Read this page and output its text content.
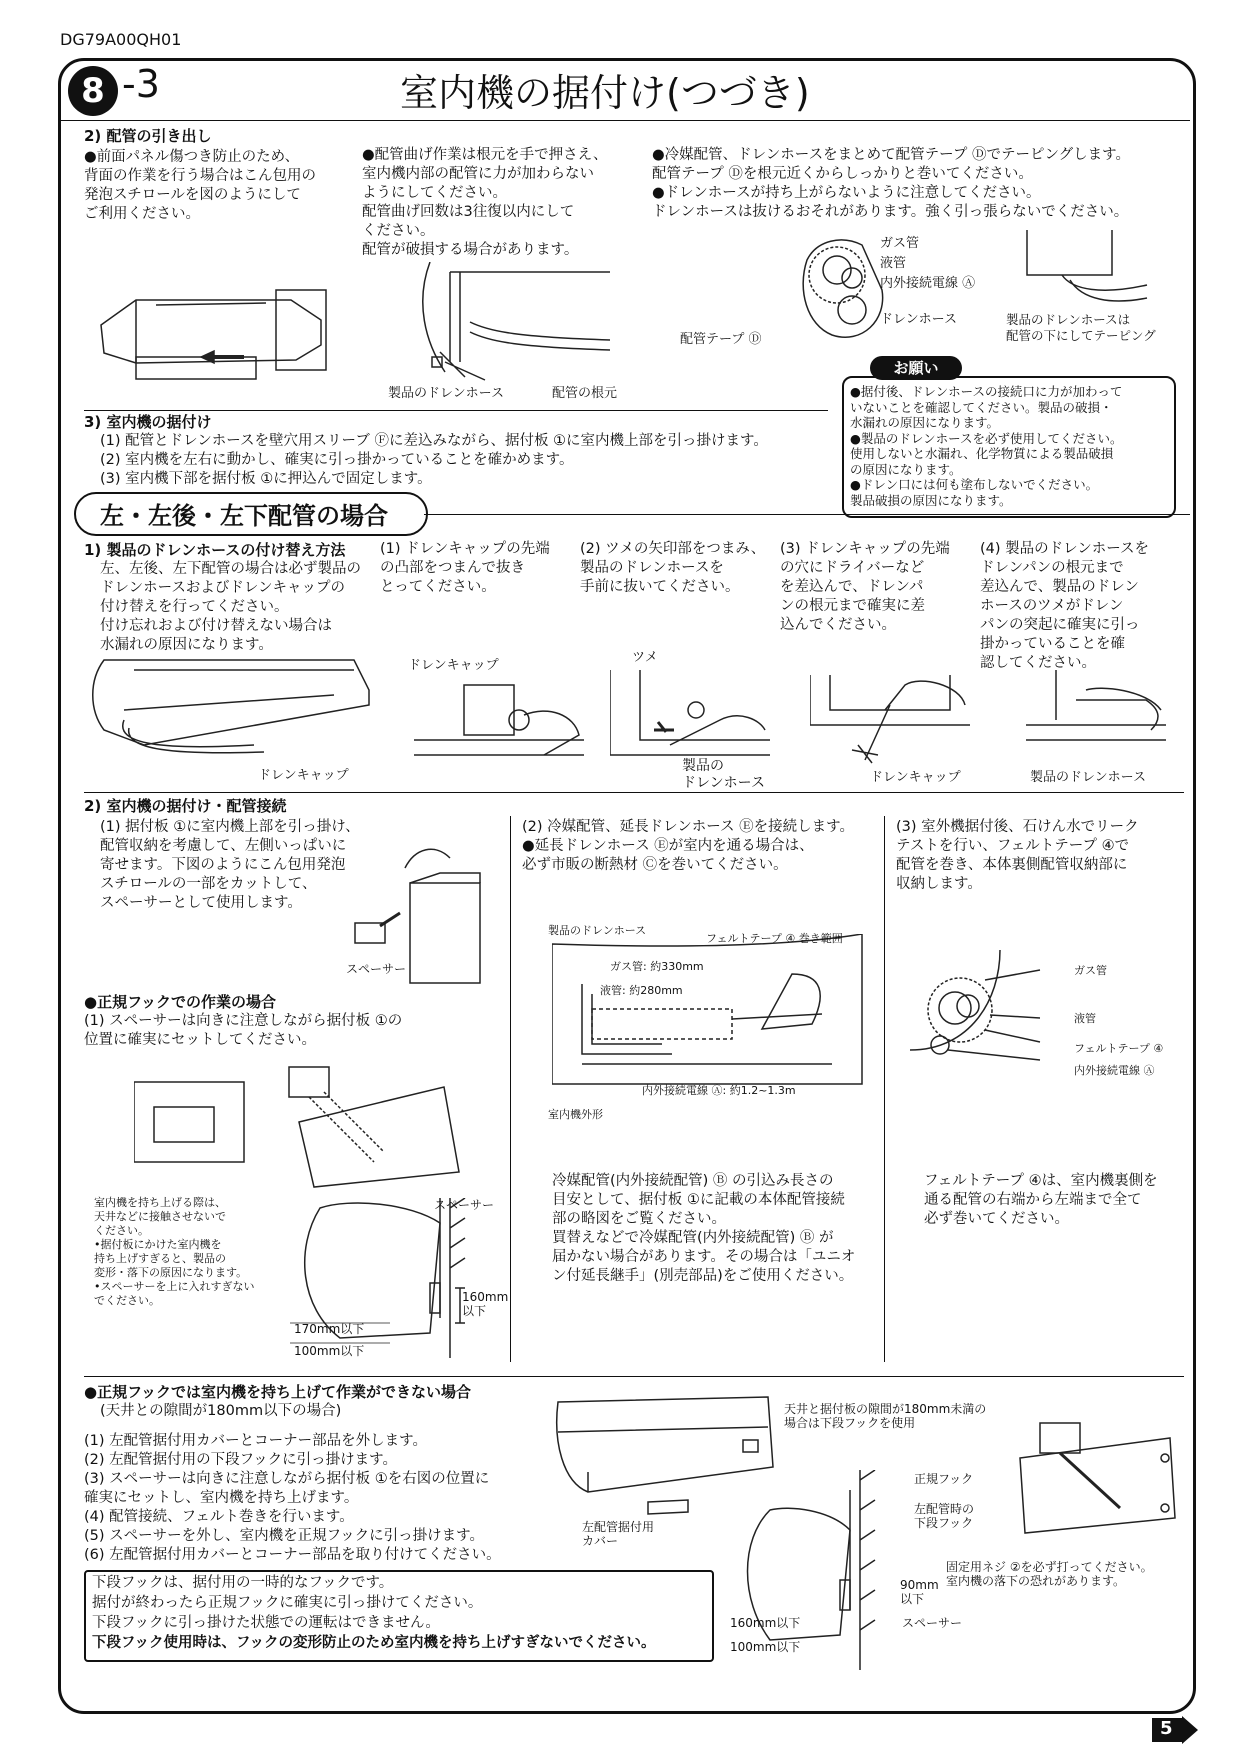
DG79A00QH01
8 -3	室内機の据付け(つづき)
2) 配管の引き出し
●前面パネル傷つき防止のため、
背面の作業を行う場合はこん包用の
発泡スチロールを図のようにして
ご利用ください。
●配管曲げ作業は根元を手で押さえ、
室内機内部の配管に力が加わらない
ようにしてください。
配管曲げ回数は3往復以内にして
ください。
配管が破損する場合があります。
●冷媒配管、ドレンホースをまとめて配管テープ Ⓓでテーピングします。
配管テープ Ⓓを根元近くからしっかりと巻いてください。
●ドレンホースが持ち上がらないように注意してください。
ドレンホースは抜けるおそれがあります。強く引っ張らないでください。
製品のドレンホース	配管の根元
ガス管
液管
内外接続電線 Ⓐ
ドレンホース
配管テープ Ⓓ
製品のドレンホースは
配管の下にしてテーピング
お願い
●据付後、ドレンホースの接続口に力が加わって
いないことを確認してください。製品の破損・
水漏れの原因になります。
●製品のドレンホースを必ず使用してください。
使用しないと水漏れ、化学物質による製品破損
の原因になります。
●ドレン口には何も塗布しないでください。
製品破損の原因になります。
3) 室内機の据付け
(1) 配管とドレンホースを壁穴用スリーブ Ⓕに差込みながら、据付板 ①に室内機上部を引っ掛けます。
(2) 室内機を左右に動かし、確実に引っ掛かっていることを確かめます。
(3) 室内機下部を据付板 ①に押込んで固定します。
左・左後・左下配管の場合
1) 製品のドレンホースの付け替え方法
左、左後、左下配管の場合は必ず製品の
ドレンホースおよびドレンキャップの
付け替えを行ってください。
付け忘れおよび付け替えない場合は
水漏れの原因になります。
(1) ドレンキャップの先端
の凸部をつまんで抜き
とってください。
(2) ツメの矢印部をつまみ、
製品のドレンホースを
手前に抜いてください。
(3) ドレンキャップの先端
の穴にドライバーなど
を差込んで、ドレンパ
ンの根元まで確実に差
込んでください。
(4) 製品のドレンホースを
ドレンパンの根元まで
差込んで、製品のドレン
ホースのツメがドレン
パンの突起に確実に引っ
掛かっていることを確
認してください。
ドレンキャップ
ドレンキャップ
ツメ
製品の
ドレンホース	ドレンキャップ	製品のドレンホース
2) 室内機の据付け・配管接続
(1) 据付板 ①に室内機上部を引っ掛け、
配管収納を考慮して、左側いっぱいに
寄せます。下図のようにこん包用発泡
スチロールの一部をカットして、
スペーサーとして使用します。
スペーサー
●正規フックでの作業の場合
(1) スペーサーは向きに注意しながら据付板 ①の
位置に確実にセットしてください。
室内機を持ち上げる際は、
天井などに接触させないで
ください。
•据付板にかけた室内機を
持ち上げすぎると、製品の
変形・落下の原因になります。
•スペーサーを上に入れすぎない
でください。
スペーサー
160mm
以下
170mm以下
100mm以下
(2) 冷媒配管、延長ドレンホース Ⓔを接続します。
●延長ドレンホース Ⓔが室内を通る場合は、
必ず市販の断熱材 Ⓒを巻いてください。
製品のドレンホース
フェルトテープ ④ 巻き範囲
ガス管: 約330mm
液管: 約280mm
内外接続電線 Ⓐ: 約1.2~1.3m
室内機外形
冷媒配管(内外接続配管) Ⓑ の引込み長さの
目安として、据付板 ①に記載の本体配管接続
部の略図をご覧ください。
買替えなどで冷媒配管(内外接続配管) Ⓑ が
届かない場合があります。その場合は「ユニオ
ン付延長継手」(別売部品)をご使用ください。
(3) 室外機据付後、石けん水でリーク
テストを行い、フェルトテープ ④で
配管を巻き、本体裏側配管収納部に
収納します。
ガス管
液管
フェルトテープ ④
内外接続電線 Ⓐ
フェルトテープ ④は、室内機裏側を
通る配管の右端から左端まで全て
必ず巻いてください。
●正規フックでは室内機を持ち上げて作業ができない場合
(天井との隙間が180mm以下の場合)
(1) 左配管据付用カバーとコーナー部品を外します。
(2) 左配管据付用の下段フックに引っ掛けます。
(3) スペーサーは向きに注意しながら据付板 ①を右図の位置に
確実にセットし、室内機を持ち上げます。
(4) 配管接続、フェルト巻きを行います。
(5) スペーサーを外し、室内機を正規フックに引っ掛けます。
(6) 左配管据付用カバーとコーナー部品を取り付けてください。
下段フックは、据付用の一時的なフックです。
据付が終わったら正規フックに確実に引っ掛けてください。
下段フックに引っ掛けた状態での運転はできません。
下段フック使用時は、フックの変形防止のため室内機を持ち上げすぎないでください。
左配管据付用
カバー
天井と据付板の隙間が180mm未満の
場合は下段フックを使用
正規フック
左配管時の
下段フック
固定用ネジ ②を必ず打ってください。
室内機の落下の恐れがあります。
90mm
以下
スペーサー
160mm以下
100mm以下
5
